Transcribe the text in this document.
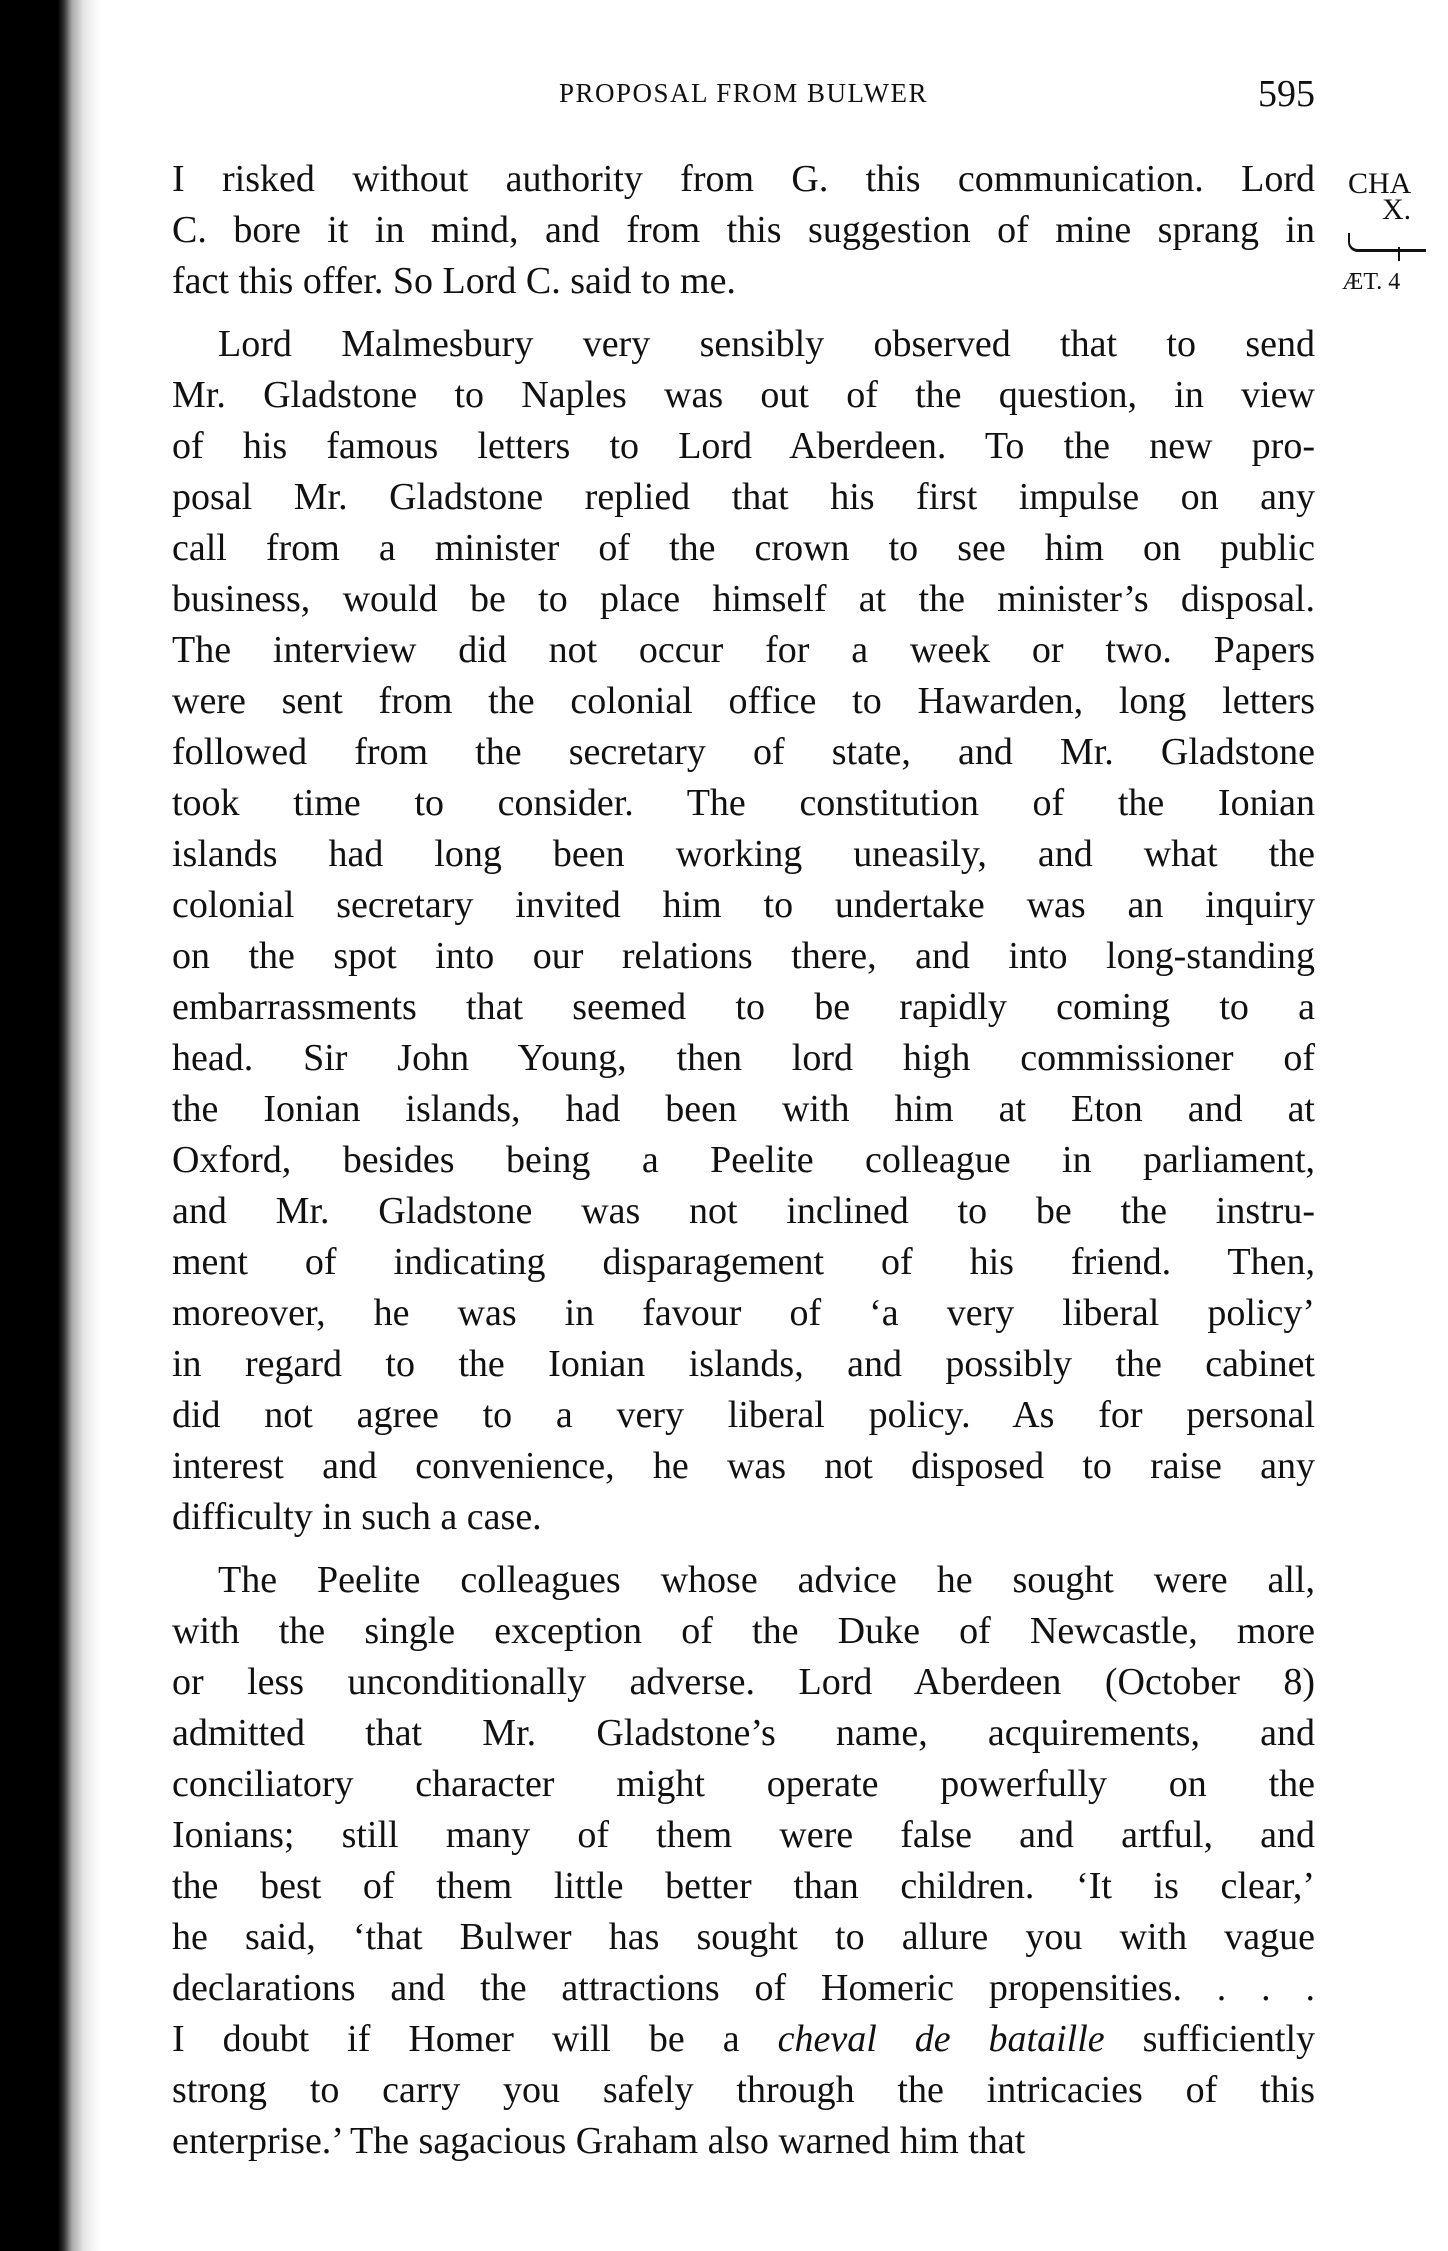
PROPOSAL FROM BULWER	595
CHA
X.
ÆT. 4
I risked without authority from G. this communication. Lord
C. bore it in mind, and from this suggestion of mine sprang in
fact this offer. So Lord C. said to me.
Lord Malmesbury very sensibly observed that to send
Mr. Gladstone to Naples was out of the question, in view
of his famous letters to Lord Aberdeen. To the new pro-
posal Mr. Gladstone replied that his first impulse on any
call from a minister of the crown to see him on public
business, would be to place himself at the minister’s disposal.
The interview did not occur for a week or two. Papers
were sent from the colonial office to Hawarden, long letters
followed from the secretary of state, and Mr. Gladstone
took time to consider. The constitution of the Ionian
islands had long been working uneasily, and what the
colonial secretary invited him to undertake was an inquiry
on the spot into our relations there, and into long-standing
embarrassments that seemed to be rapidly coming to a
head. Sir John Young, then lord high commissioner of
the Ionian islands, had been with him at Eton and at
Oxford, besides being a Peelite colleague in parliament,
and Mr. Gladstone was not inclined to be the instru-
ment of indicating disparagement of his friend. Then,
moreover, he was in favour of ‘a very liberal policy’
in regard to the Ionian islands, and possibly the cabinet
did not agree to a very liberal policy. As for personal
interest and convenience, he was not disposed to raise any
difficulty in such a case.
The Peelite colleagues whose advice he sought were all,
with the single exception of the Duke of Newcastle, more
or less unconditionally adverse. Lord Aberdeen (October 8)
admitted that Mr. Gladstone’s name, acquirements, and
conciliatory character might operate powerfully on the
Ionians; still many of them were false and artful, and
the best of them little better than children. ‘It is clear,’
he said, ‘that Bulwer has sought to allure you with vague
declarations and the attractions of Homeric propensities. . . .
I doubt if Homer will be a cheval de bataille sufficiently
strong to carry you safely through the intricacies of this
enterprise.’ The sagacious Graham also warned him that
